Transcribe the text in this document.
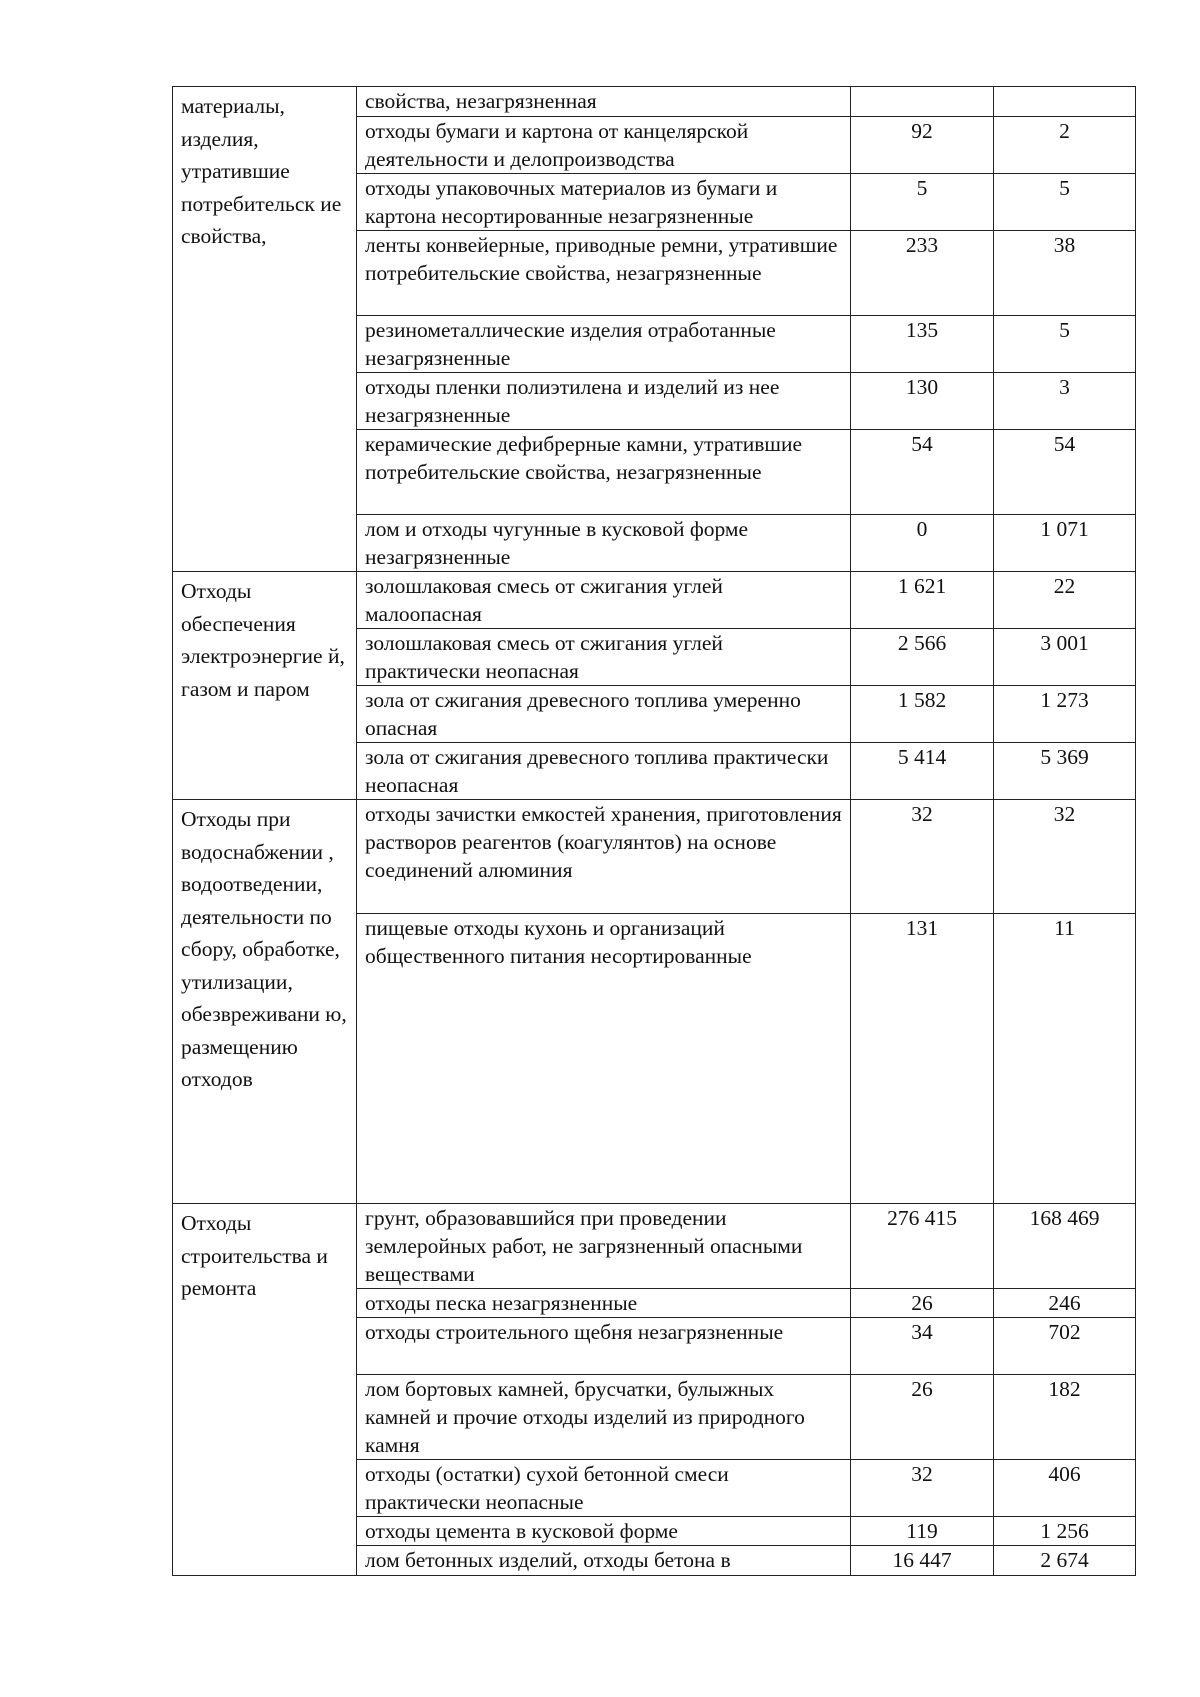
материалы, изделия, утратившие потребительск ие свойства,	свойства, незагрязненная		
	отходы бумаги и картона от канцелярской деятельности и делопроизводства	92	2
	отходы упаковочных материалов из бумаги и картона несортированные незагрязненные	5	5
	ленты конвейерные, приводные ремни, утратившие потребительские свойства, незагрязненные	233	38
	резинометаллические изделия отработанные незагрязненные	135	5
	отходы пленки полиэтилена и изделий из нее незагрязненные	130	3
	керамические дефибрерные камни, утратившие потребительские свойства, незагрязненные	54	54
	лом и отходы чугунные в кусковой форме незагрязненные	0	1 071
Отходы обеспечения электроэнергие й, газом и паром	золошлаковая смесь от сжигания углей малоопасная	1 621	22
	золошлаковая смесь от сжигания углей практически неопасная	2 566	3 001
	зола от сжигания древесного топлива умеренно опасная	1 582	1 273
	зола от сжигания древесного топлива практически неопасная	5 414	5 369
Отходы при водоснабжении , водоотведении, деятельности по сбору, обработке, утилизации, обезвреживани ю, размещению отходов	отходы зачистки емкостей хранения, приготовления растворов реагентов (коагулянтов) на основе соединений алюминия	32	32
	пищевые отходы кухонь и организаций общественного питания несортированные	131	11
Отходы строительства и ремонта	грунт, образовавшийся при проведении землеройных работ, не загрязненный опасными веществами	276 415	168 469
	отходы песка незагрязненные	26	246
	отходы строительного щебня незагрязненные	34	702
	лом бортовых камней, брусчатки, булыжных камней и прочие отходы изделий из природного камня	26	182
	отходы (остатки) сухой бетонной смеси практически неопасные	32	406
	отходы цемента в кусковой форме	119	1 256
	лом бетонных изделий, отходы бетона в	16 447	2 674
